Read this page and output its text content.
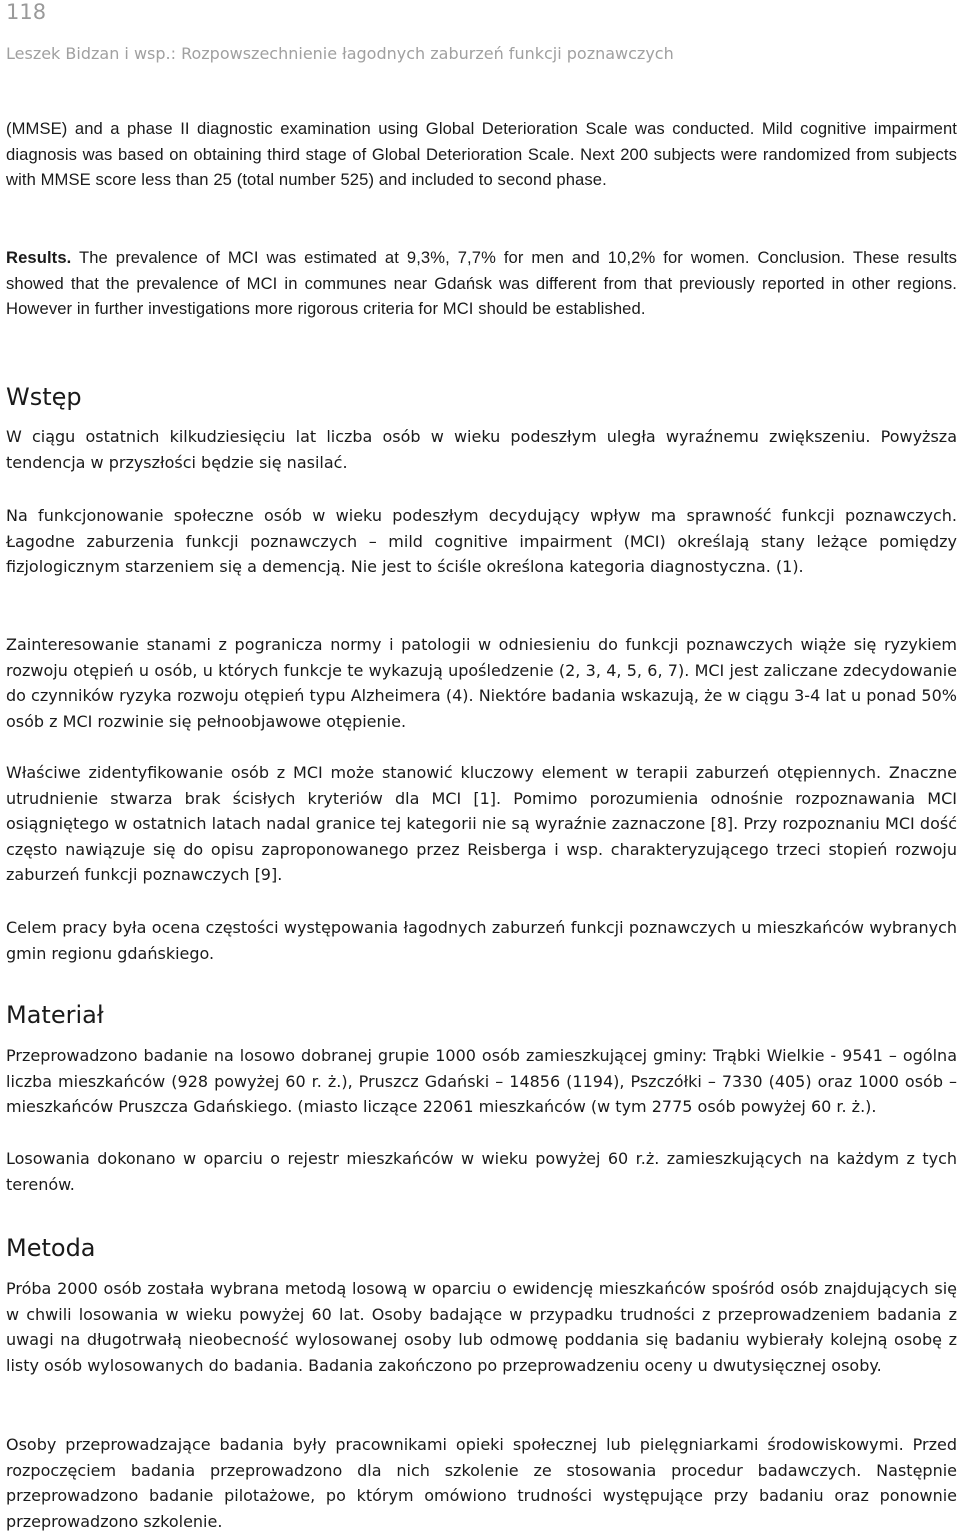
118
Leszek Bidzan i wsp.: Rozpowszechnienie łagodnych zaburzeń funkcji poznawczych

(MMSE) and a phase II diagnostic examination using Global Deterioration Scale was conducted. Mild cognitive impairment diagnosis was based on obtaining third stage of Global Deterioration Scale. Next 200 subjects were randomized from subjects with MMSE score less than 25 (total number 525) and included to second phase.

Results. The prevalence of MCI was estimated at 9,3%, 7,7% for men and 10,2% for women. Conclusion. These results showed that the prevalence of MCI in communes near Gdańsk was different from that previously reported in other regions. However in further investigations more rigorous criteria for MCI should be established.

Wstęp

W ciągu ostatnich kilkudziesięciu lat liczba osób w wieku podeszłym uległa wyraźnemu zwiększeniu. Powyższa tendencja w przyszłości będzie się nasilać.

Na funkcjonowanie społeczne osób w wieku podeszłym decydujący wpływ ma sprawność funkcji poznawczych. Łagodne zaburzenia funkcji poznawczych – mild cognitive impairment (MCI) określają stany leżące pomiędzy fizjologicznym starzeniem się a demencją. Nie jest to ściśle określona kategoria diagnostyczna. (1).

Zainteresowanie stanami z pogranicza normy i patologii w odniesieniu do funkcji poznawczych wiąże się ryzykiem rozwoju otępień u osób, u których funkcje te wykazują upośledzenie (2, 3, 4, 5, 6, 7). MCI jest zaliczane zdecydowanie do czynników ryzyka rozwoju otępień typu Alzheimera (4). Niektóre badania wskazują, że w ciągu 3-4 lat u ponad 50% osób z MCI rozwinie się pełnoobjawowe otępienie.

Właściwe zidentyfikowanie osób z MCI może stanowić kluczowy element w terapii zaburzeń otępiennych. Znaczne utrudnienie stwarza brak ścisłych kryteriów dla MCI [1]. Pomimo porozumienia odnośnie rozpoznawania MCI osiągniętego w ostatnich latach nadal granice tej kategorii nie są wyraźnie zaznaczone [8]. Przy rozpoznaniu MCI dość często nawiązuje się do opisu zaproponowanego przez Reisberga i wsp. charakteryzującego trzeci stopień rozwoju zaburzeń funkcji poznawczych [9].

Celem pracy była ocena częstości występowania łagodnych zaburzeń funkcji poznawczych u mieszkańców wybranych gmin regionu gdańskiego.

Materiał

Przeprowadzono badanie na losowo dobranej grupie 1000 osób zamieszkującej gminy: Trąbki Wielkie - 9541 – ogólna liczba mieszkańców (928 powyżej 60 r. ż.), Pruszcz Gdański – 14856 (1194), Pszczółki – 7330 (405) oraz 1000 osób – mieszkańców Pruszcza Gdańskiego. (miasto liczące 22061 mieszkańców (w tym 2775 osób powyżej 60 r. ż.).

Losowania dokonano w oparciu o rejestr mieszkańców w wieku powyżej 60 r.ż. zamieszkujących na każdym z tych terenów.

Metoda

Próba 2000 osób została wybrana metodą losową w oparciu o ewidencję mieszkańców spośród osób znajdujących się w chwili losowania w wieku powyżej 60 lat. Osoby badające w przypadku trudności z przeprowadzeniem badania z uwagi na długotrwałą nieobecność wylosowanej osoby lub odmowę poddania się badaniu wybierały kolejną osobę z listy osób wylosowanych do badania. Badania zakończono po przeprowadzeniu oceny u dwutysięcznej osoby.

Osoby przeprowadzające badania były pracownikami opieki społecznej lub pielęgniarkami środowiskowymi. Przed rozpoczęciem badania przeprowadzono dla nich szkolenie ze stosowania procedur badawczych. Następnie przeprowadzono badanie pilotażowe, po którym omówiono trudności występujące przy badaniu oraz ponownie przeprowadzono szkolenie.
